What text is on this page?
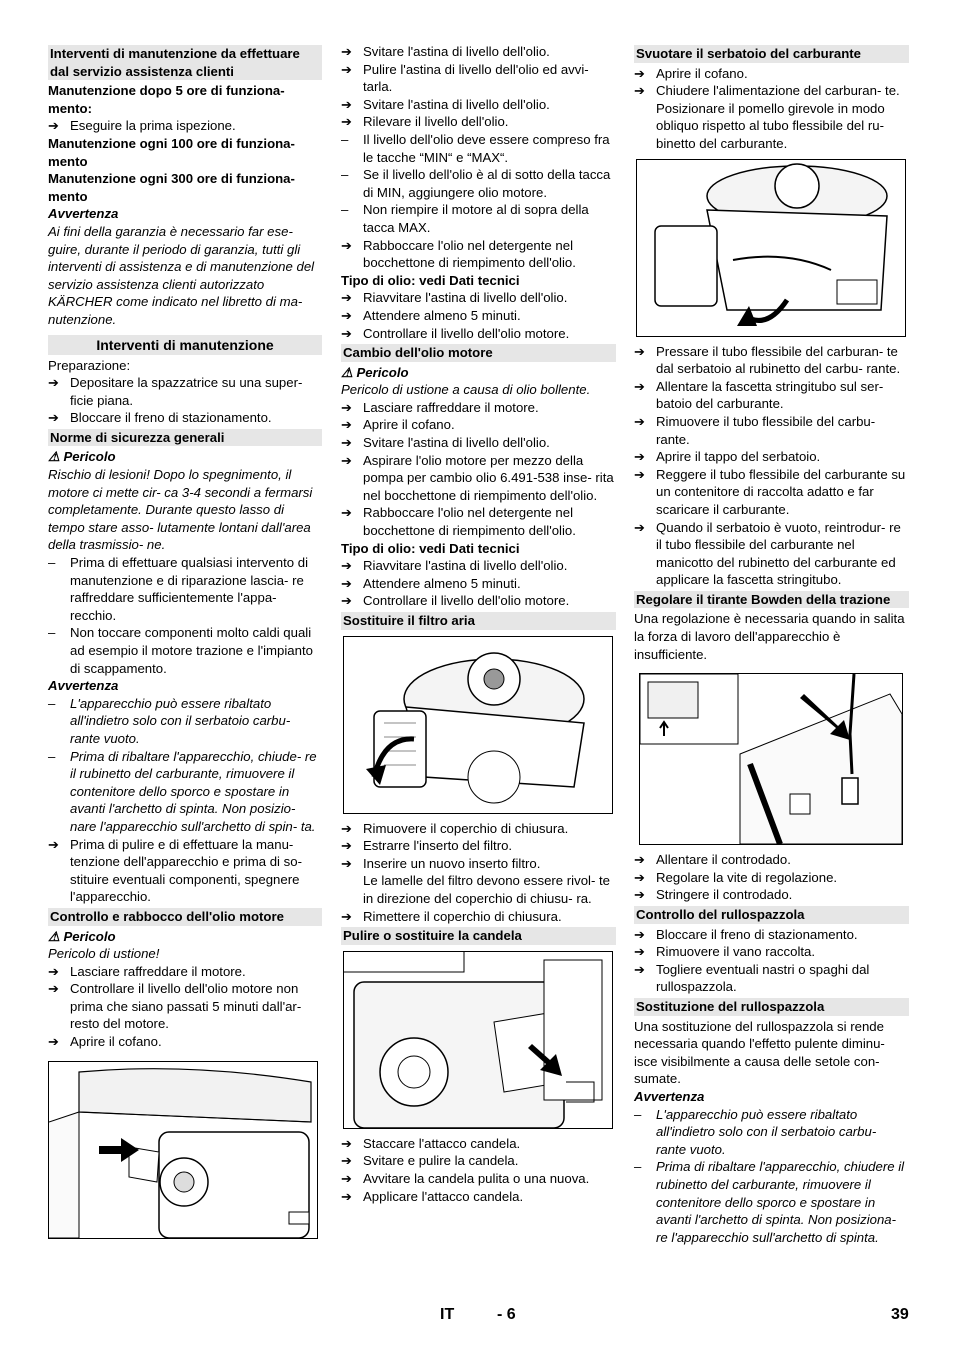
Interventi di manutenzione da effettuare dal servizio assistenza clienti
Manutenzione dopo 5 ore di funziona- mento:
➔ Eseguire la prima ispezione.
Manutenzione ogni 100 ore di funziona- mento
Manutenzione ogni 300 ore di funziona- mento
Avvertenza
Ai fini della garanzia è necessario far ese- guire, durante il periodo di garanzia, tutti gli interventi di assistenza e di manutenzione del servizio assistenza clienti autorizzato KÄRCHER come indicato nel libretto di ma- nutenzione.
Interventi di manutenzione
Preparazione:
➔ Depositare la spazzatrice su una super- ficie piana.
➔ Bloccare il freno di stazionamento.
Norme di sicurezza generali
⚠ Pericolo
Rischio di lesioni! Dopo lo spegnimento, il motore ci mette cir- ca 3-4 secondi a fermarsi completamente. Durante questo lasso di tempo stare asso- lutamente lontani dall'area della trasmissio- ne.
–	Prima di effettuare qualsiasi intervento di manutenzione e di riparazione lascia- re raffreddare sufficientemente l'appa- recchio.
–	Non toccare componenti molto caldi quali ad esempio il motore trazione e l'impianto di scappamento.
Avvertenza
–	L'apparecchio può essere ribaltato all'indietro solo con il serbatoio carbu- rante vuoto.
–	Prima di ribaltare l'apparecchio, chiude- re il rubinetto del carburante, rimuovere il contenitore dello sporco e spostare in avanti l'archetto di spinta. Non posizio- nare l'apparecchio sull'archetto di spin- ta.
➔ Prima di pulire e di effettuare la manu- tenzione dell'apparecchio e prima di so- stituire eventuali componenti, spegnere l'apparecchio.
Controllo e rabbocco dell'olio motore
⚠ Pericolo
Pericolo di ustione!
➔ Lasciare raffreddare il motore.
➔ Controllare il livello dell'olio motore non prima che siano passati 5 minuti dall'ar- resto del motore.
➔ Aprire il cofano.
➔ Svitare l'astina di livello dell'olio.
➔ Pulire l'astina di livello dell'olio ed avvi- tarla.
➔ Svitare l'astina di livello dell'olio.
➔ Rilevare il livello dell'olio.
–	Il livello dell'olio deve essere compreso fra le tacche “MIN“ e “MAX“.
–	Se il livello dell'olio è al di sotto della tacca di MIN, aggiungere olio motore.
–	Non riempire il motore al di sopra della tacca MAX.
➔ Rabboccare l'olio nel detergente nel bocchettone di riempimento dell'olio.
Tipo di olio: vedi Dati tecnici
➔ Riavvitare l'astina di livello dell'olio.
➔ Attendere almeno 5 minuti.
➔ Controllare il livello dell'olio motore.
Cambio dell'olio motore
⚠ Pericolo
Pericolo di ustione a causa di olio bollente.
➔ Lasciare raffreddare il motore.
➔ Aprire il cofano.
➔ Svitare l'astina di livello dell'olio.
➔ Aspirare l'olio motore per mezzo della pompa per cambio olio 6.491-538 inse- rita nel bocchettone di riempimento dell'olio.
➔ Rabboccare l'olio nel detergente nel bocchettone di riempimento dell'olio.
Tipo di olio: vedi Dati tecnici
➔ Riavvitare l'astina di livello dell'olio.
➔ Attendere almeno 5 minuti.
➔ Controllare il livello dell'olio motore.
Sostituire il filtro aria
➔ Rimuovere il coperchio di chiusura.
➔ Estrarre l'inserto del filtro.
➔ Inserire un nuovo inserto filtro.
Le lamelle del filtro devono essere rivol- te in direzione del coperchio di chiusu- ra.
➔ Rimettere il coperchio di chiusura.
Pulire o sostituire la candela
➔ Staccare l'attacco candela.
➔ Svitare e pulire la candela.
➔ Avvitare la candela pulita o una nuova.
➔ Applicare l'attacco candela.
Svuotare il serbatoio del carburante
➔ Aprire il cofano.
➔ Chiudere l'alimentazione del carburan- te.
Posizionare il pomello girevole in modo obliquo rispetto al tubo flessibile del ru- binetto del carburante.
➔ Pressare il tubo flessibile del carburan- te dal serbatoio al rubinetto del carbu- rante.
➔ Allentare la fascetta stringitubo sul ser- batoio del carburante.
➔ Rimuovere il tubo flessibile del carbu- rante.
➔ Aprire il tappo del serbatoio.
➔ Reggere il tubo flessibile del carburante su un contenitore di raccolta adatto e far scaricare il carburante.
➔ Quando il serbatoio è vuoto, reintrodur- re il tubo flessibile del carburante nel manicotto del rubinetto del carburante ed applicare la fascetta stringitubo.
Regolare il tirante Bowden della trazione
Una regolazione è necessaria quando in salita la forza di lavoro dell'apparecchio è insufficiente.
➔ Allentare il controdado.
➔ Regolare la vite di regolazione.
➔ Stringere il controdado.
Controllo del rullospazzola
➔ Bloccare il freno di stazionamento.
➔ Rimuovere il vano raccolta.
➔ Togliere eventuali nastri o spaghi dal rullospazzola.
Sostituzione del rullospazzola
Una sostituzione del rullospazzola si rende necessaria quando l'effetto pulente diminu- isce visibilmente a causa delle setole con- sumate.
Avvertenza
–	L'apparecchio può essere ribaltato all'indietro solo con il serbatoio carbu- rante vuoto.
–	Prima di ribaltare l'apparecchio, chiudere il rubinetto del carburante, rimuovere il contenitore dello sporco e spostare in avanti l'archetto di spinta. Non posiziona- re l'apparecchio sull'archetto di spinta.
IT	- 6	39
